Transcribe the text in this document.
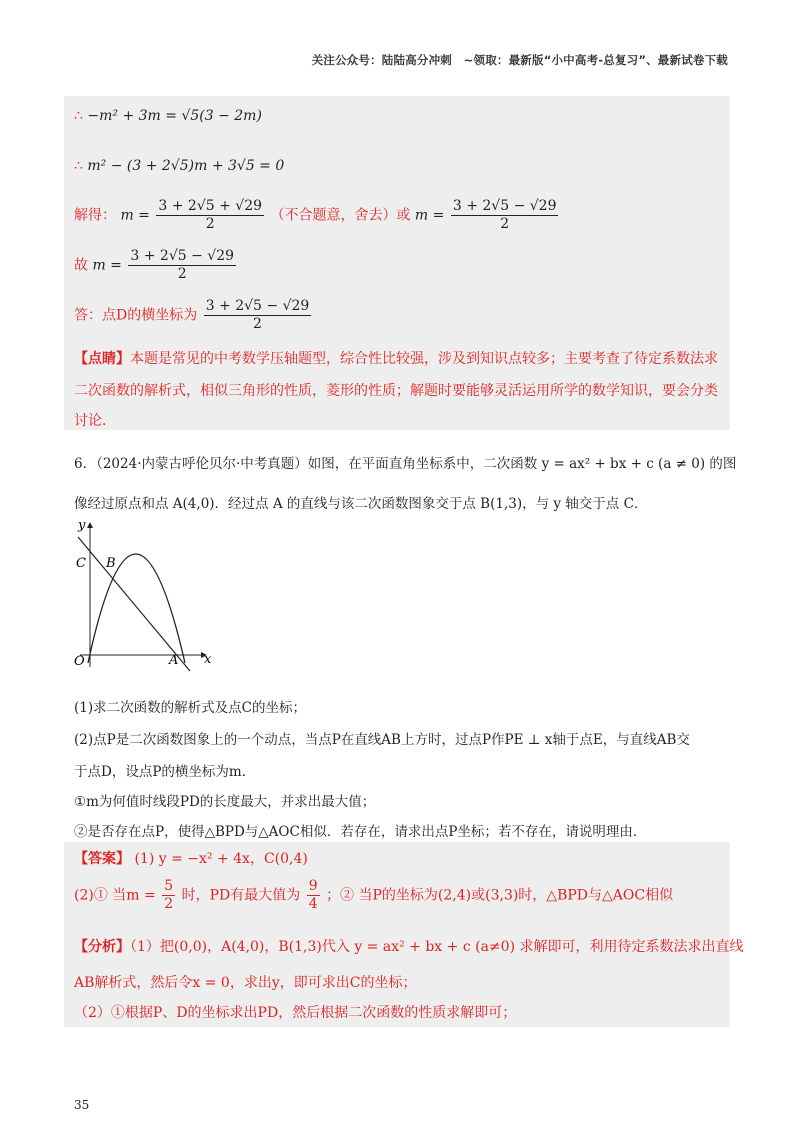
关注公众号：陆陆高分冲刺　~领取：最新版“小中高考-总复习”、最新试卷下载
∴ −m² + 3m = √5(3 − 2m)
∴ m² − (3 + 2√5)m + 3√5 = 0
解得： $m = \frac{3 + 2√5 + √29}{2}$ （不合题意，舍去）或 $m = \frac{3 + 2√5 - √29}{2}$
故 $m = \frac{3 + 2√5 - √29}{2}$
答：点D的横坐标为 $\frac{3 + 2√5 - √29}{2}$
【点睛】本题是常见的中考数学压轴题型，综合性比较强，涉及到知识点较多；主要考查了待定系数法求
二次函数的解析式，相似三角形的性质，菱形的性质；解题时要能够灵活运用所学的数学知识，要会分类
讨论．
6．（2024·内蒙古呼伦贝尔·中考真题）如图，在平面直角坐标系中，二次函数 y = ax² + bx + c (a ≠ 0) 的图
像经过原点和点 A(4,0)．经过点 A 的直线与该二次函数图象交于点 B(1,3)，与 y 轴交于点 C．
y
x
O	A
B
C
(1)求二次函数的解析式及点C的坐标；
(2)点P是二次函数图象上的一个动点，当点P在直线AB上方时，过点P作PE ⊥ x轴于点E，与直线AB交
于点D，设点P的横坐标为m．
①m为何值时线段PD的长度最大，并求出最大值；
②是否存在点P，使得△BPD与△AOC相似．若存在，请求出点P坐标；若不存在，请说明理由．
【答案】 (1) y = −x² + 4x，C(0,4)
(2)① 当$m = \frac{5}{2}$ 时，PD有最大值为 $\frac{9}{4}$ ；② 当P的坐标为(2,4)或(3,3)时，△BPD与△AOC相似
【分析】（1）把(0,0)，A(4,0)，B(1,3)代入 y = ax² + bx + c (a≠0) 求解即可，利用待定系数法求出直线
AB解析式，然后令x = 0，求出y，即可求出C的坐标；
（2）①根据P、D的坐标求出PD，然后根据二次函数的性质求解即可；
35
